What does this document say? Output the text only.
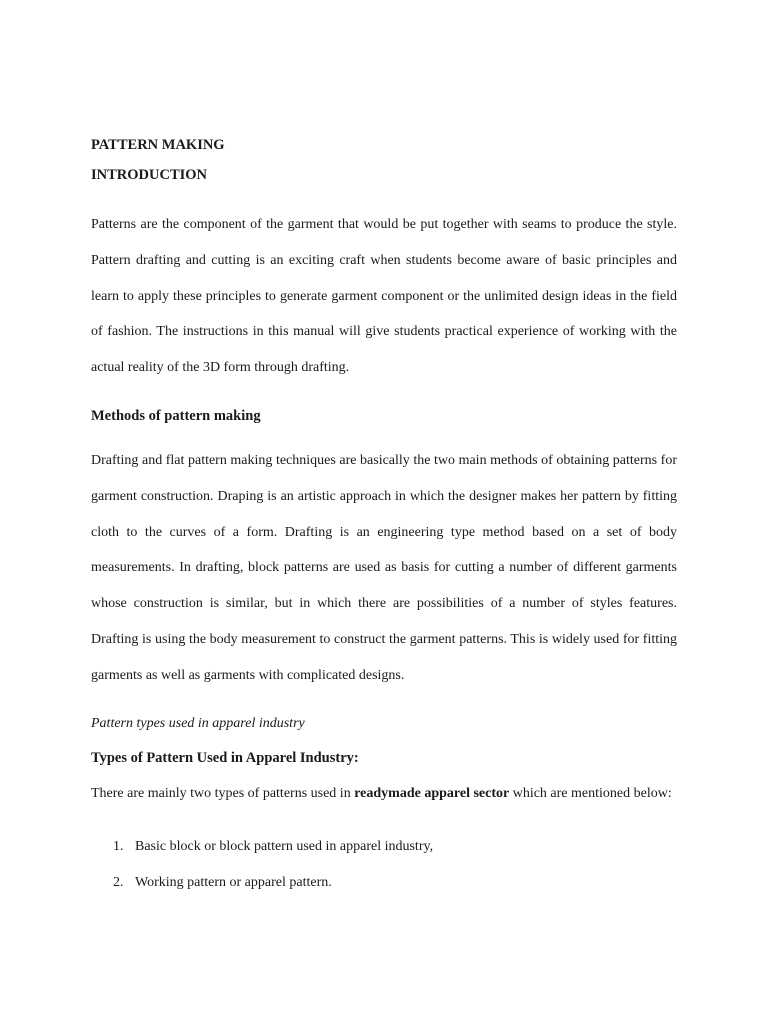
PATTERN MAKING

INTRODUCTION

Patterns are the component of the garment that would be put together with seams to produce the style. Pattern drafting and cutting is an exciting craft when students become aware of basic principles and learn to apply these principles to generate garment component or the unlimited design ideas in the field of fashion. The instructions in this manual will give students practical experience of working with the actual reality of the 3D form through drafting.

Methods of pattern making

Drafting and flat pattern making techniques are basically the two main methods of obtaining patterns for garment construction. Draping is an artistic approach in which the designer makes her pattern by fitting cloth to the curves of a form. Drafting is an engineering type method based on a set of body measurements. In drafting, block patterns are used as basis for cutting a number of different garments whose construction is similar, but in which there are possibilities of a number of styles features. Drafting is using the body measurement to construct the garment patterns. This is widely used for fitting garments as well as garments with complicated designs.

Pattern types used in apparel industry

Types of Pattern Used in Apparel Industry:

There are mainly two types of patterns used in readymade apparel sector which are mentioned below:

1. Basic block or block pattern used in apparel industry,
2. Working pattern or apparel pattern.
